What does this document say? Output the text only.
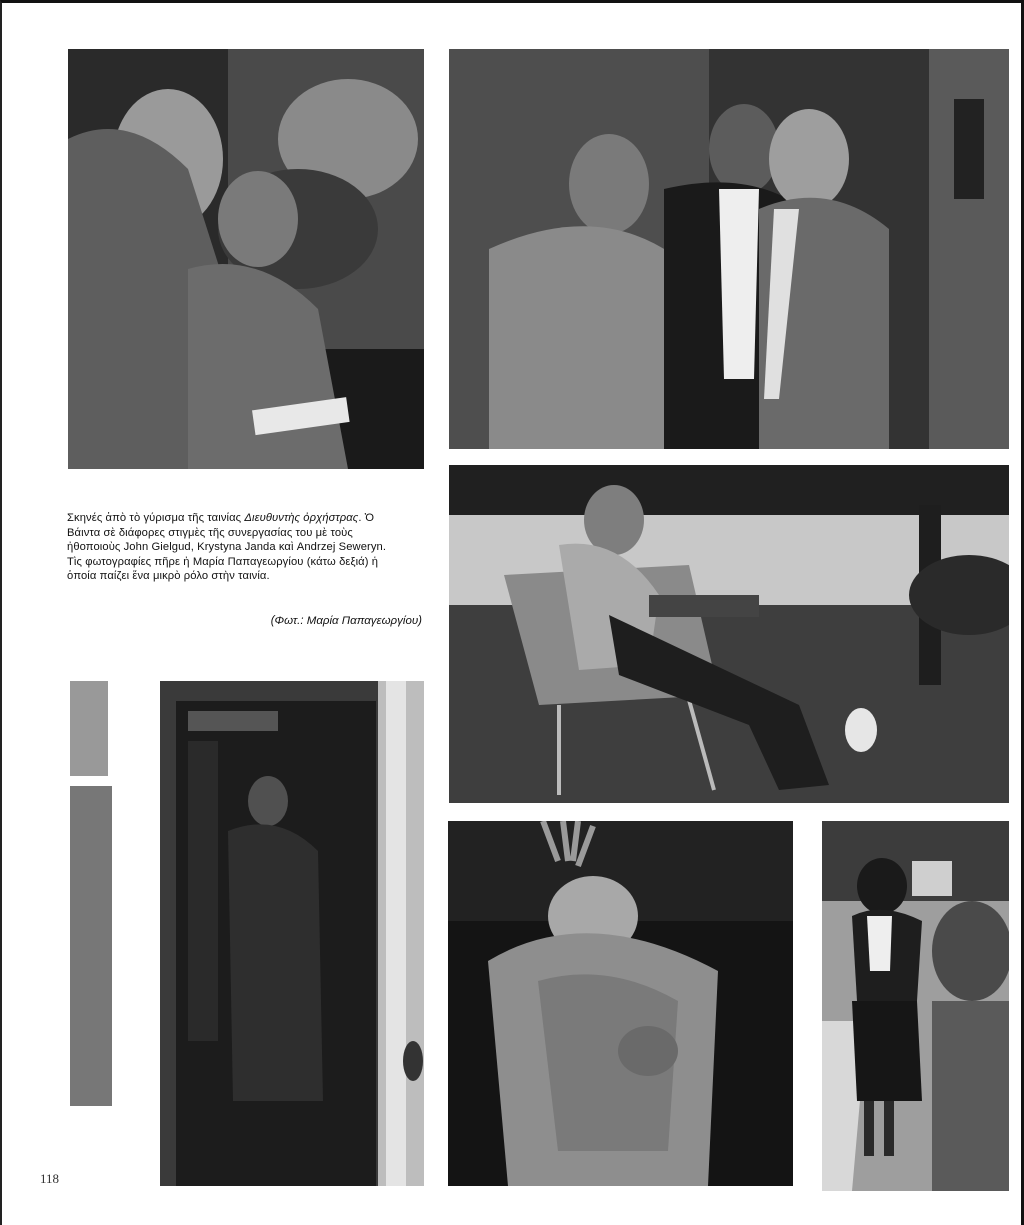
Σκηνές ἀπὸ τὸ γύρισμα τῆς ταινίας Διευθυντὴς ὀρχήστρας. Ὁ
Βάιντα σὲ διάφορες στιγμὲς τῆς συνεργασίας του μὲ τοὺς
ἠθοποιοὺς John Gielgud, Krystyna Janda καὶ Andrzej Seweryn.
Τὶς φωτογραφίες πῆρε ἡ Μαρία Παπαγεωργίου (κάτω δεξιά) ἡ
ὁποία παίζει ἕνα μικρὸ ρόλο στὴν ταινία.
(Φωτ.: Μαρία Παπαγεωργίου)
118
